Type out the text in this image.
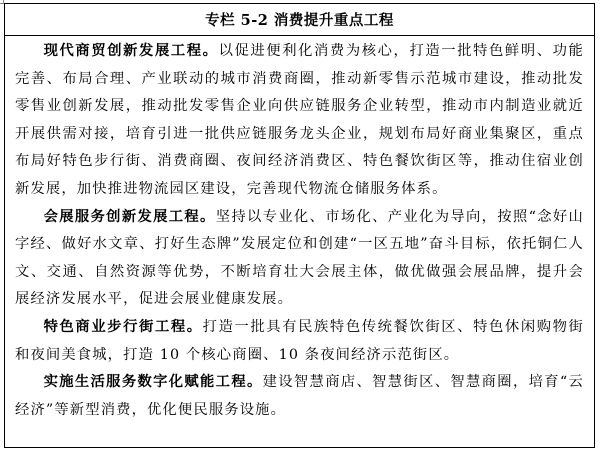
专栏 5-2 消费提升重点工程

现代商贸创新发展工程。以促进便利化消费为核心，打造一批特色鲜明、功能完善、布局合理、产业联动的城市消费商圈，推动新零售示范城市建设，推动批发零售业创新发展，推动批发零售企业向供应链服务企业转型，推动市内制造业就近开展供需对接，培育引进一批供应链服务龙头企业，规划布局好商业集聚区，重点布局好特色步行街、消费商圈、夜间经济消费区、特色餐饮街区等，推动住宿业创新发展，加快推进物流园区建设，完善现代物流仓储服务体系。

会展服务创新发展工程。坚持以专业化、市场化、产业化为导向，按照“念好山字经、做好水文章、打好生态牌”发展定位和创建“一区五地”奋斗目标，依托铜仁人文、交通、自然资源等优势，不断培育壮大会展主体，做优做强会展品牌，提升会展经济发展水平，促进会展业健康发展。

特色商业步行街工程。打造一批具有民族特色传统餐饮街区、特色休闲购物街和夜间美食城，打造 10 个核心商圈、10 条夜间经济示范街区。

实施生活服务数字化赋能工程。建设智慧商店、智慧街区、智慧商圈，培育“云经济”等新型消费，优化便民服务设施。
